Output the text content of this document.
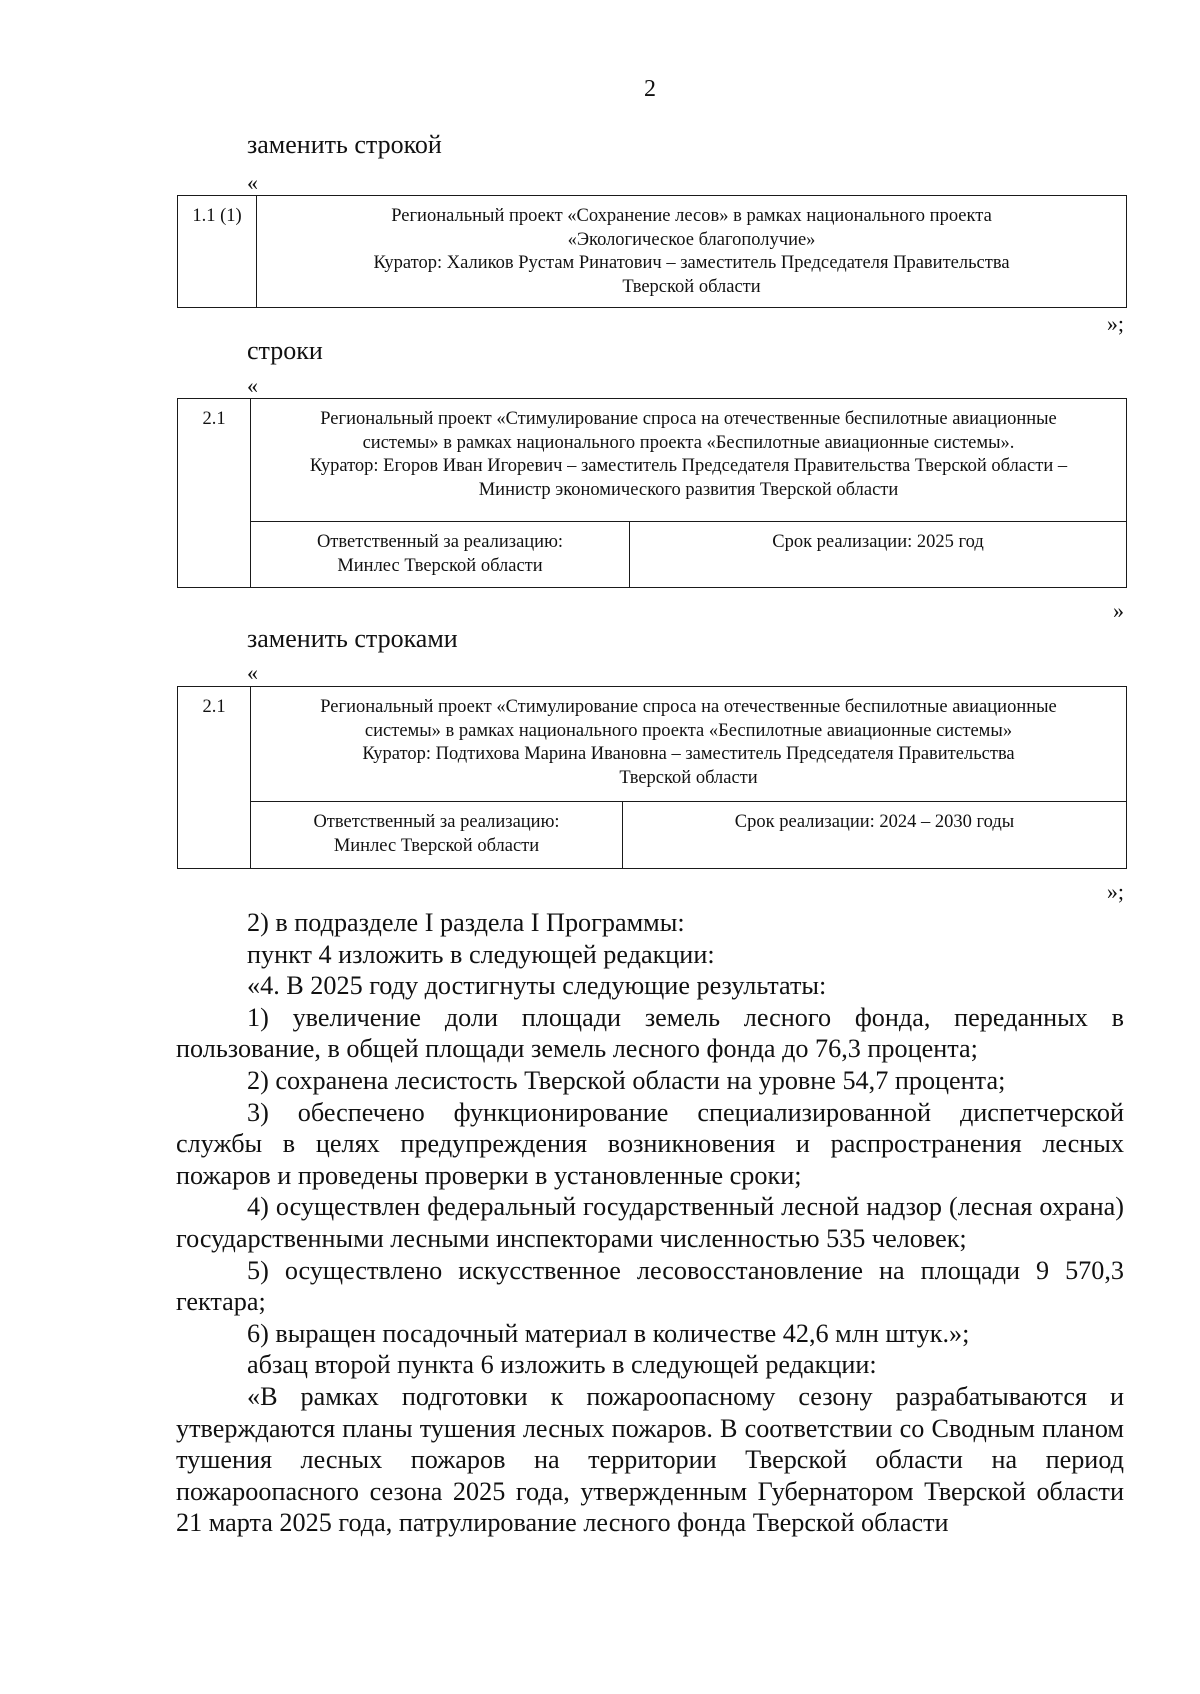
2
заменить строкой
«
1.1 (1)	Региональный проект «Сохранение лесов» в рамках национального проекта
«Экологическое благополучие»
Куратор: Халиков Рустам Ринатович – заместитель Председателя Правительства
Тверской области
»;
строки
«
2.1	Региональный проект «Стимулирование спроса на отечественные беспилотные авиационные
системы» в рамках национального проекта «Беспилотные авиационные системы».
Куратор: Егоров Иван Игоревич – заместитель Председателя Правительства Тверской области –
Министр экономического развития Тверской области	

	Ответственный за реализацию:
Минлес Тверской области	Срок реализации: 2025 год
»
заменить строками
«
2.1	Региональный проект «Стимулирование спроса на отечественные беспилотные авиационные
системы» в рамках национального проекта «Беспилотные авиационные системы»
Куратор: Подтихова Марина Ивановна – заместитель Председателя Правительства
Тверской области	

	Ответственный за реализацию:
Минлес Тверской области	Срок реализации: 2024 – 2030 годы
»;

2) в подразделе I раздела I Программы:

пункт 4 изложить в следующей редакции:

«4. В 2025 году достигнуты следующие результаты:

1) увеличение доли площади земель лесного фонда, переданных в пользование, в общей площади земель лесного фонда до 76,3 процента;

2) сохранена лесистость Тверской области на уровне 54,7 процента;

3) обеспечено функционирование специализированной диспетчерской службы в целях предупреждения возникновения и распространения лесных пожаров и проведены проверки в установленные сроки;

4) осуществлен федеральный государственный лесной надзор (лесная охрана) государственными лесными инспекторами численностью 535 человек;

5) осуществлено искусственное лесовосстановление на площади 9 570,3 гектара;

6) выращен посадочный материал в количестве 42,6 млн штук.»;

абзац второй пункта 6 изложить в следующей редакции:

«В рамках подготовки к пожароопасному сезону разрабатываются и утверждаются планы тушения лесных пожаров. В соответствии со Сводным планом тушения лесных пожаров на территории Тверской области на период пожароопасного сезона 2025 года, утвержденным Губернатором Тверской области 21 марта 2025 года, патрулирование лесного фонда Тверской области
